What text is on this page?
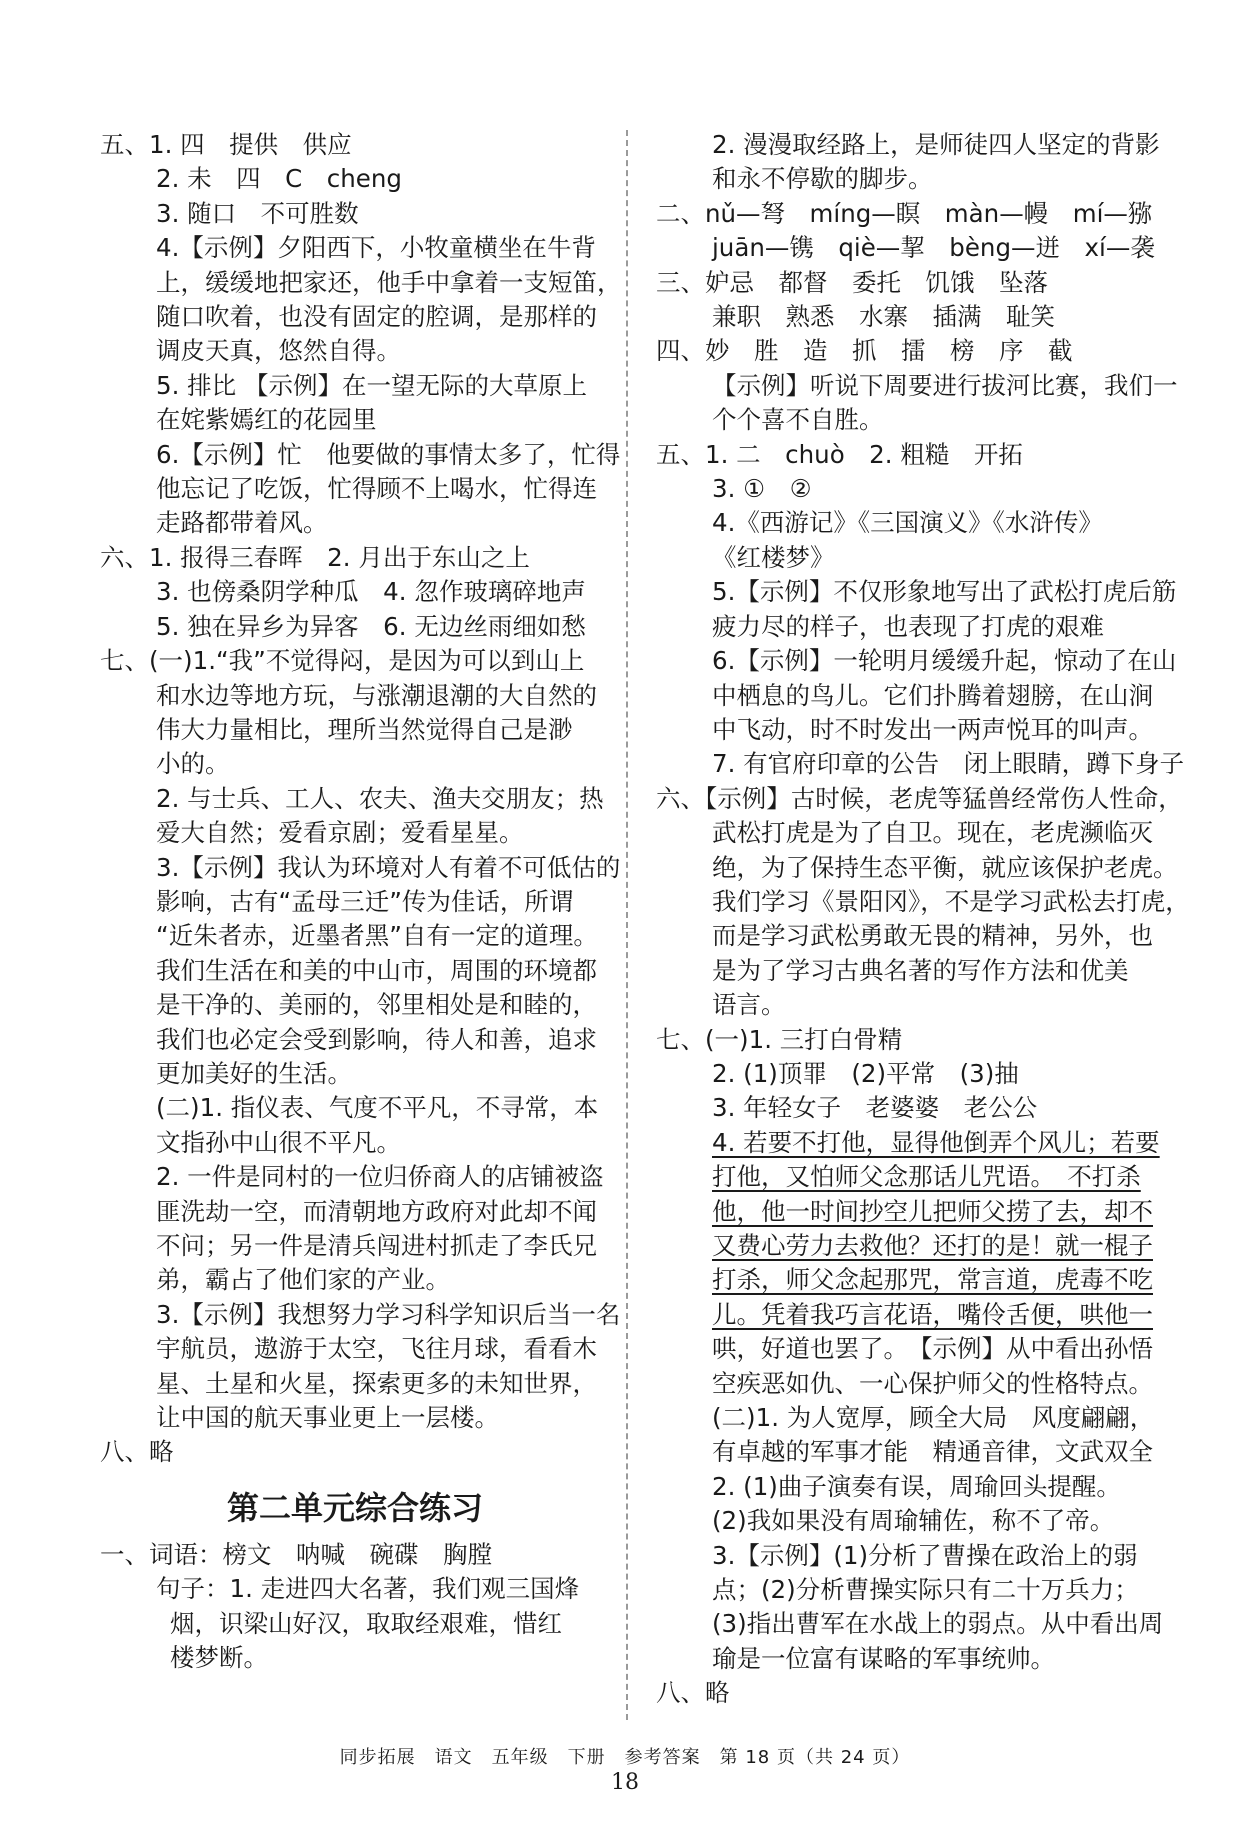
五、1. 四　提供　供应
2. 未　四　C　cheng
3. 随口　不可胜数
4.【示例】夕阳西下，小牧童横坐在牛背
上，缓缓地把家还，他手中拿着一支短笛，
随口吹着，也没有固定的腔调，是那样的
调皮天真，悠然自得。
5. 排比 【示例】在一望无际的大草原上
在姹紫嫣红的花园里
6.【示例】忙　他要做的事情太多了，忙得
他忘记了吃饭，忙得顾不上喝水，忙得连
走路都带着风。
六、1. 报得三春晖　2. 月出于东山之上
3. 也傍桑阴学种瓜　4. 忽作玻璃碎地声
5. 独在异乡为异客　6. 无边丝雨细如愁
七、(一)1.“我”不觉得闷，是因为可以到山上
和水边等地方玩，与涨潮退潮的大自然的
伟大力量相比，理所当然觉得自己是渺
小的。
2. 与士兵、工人、农夫、渔夫交朋友；热
爱大自然；爱看京剧；爱看星星。
3.【示例】我认为环境对人有着不可低估的
影响，古有“孟母三迁”传为佳话，所谓
“近朱者赤，近墨者黑”自有一定的道理。
我们生活在和美的中山市，周围的环境都
是干净的、美丽的，邻里相处是和睦的，
我们也必定会受到影响，待人和善，追求
更加美好的生活。
(二)1. 指仪表、气度不平凡，不寻常，本
文指孙中山很不平凡。
2. 一件是同村的一位归侨商人的店铺被盗
匪洗劫一空，而清朝地方政府对此却不闻
不问；另一件是清兵闯进村抓走了李氏兄
弟，霸占了他们家的产业。
3.【示例】我想努力学习科学知识后当一名
宇航员，遨游于太空，飞往月球，看看木
星、土星和火星，探索更多的未知世界，
让中国的航天事业更上一层楼。
八、略
第二单元综合练习
一、词语：榜文　呐喊　碗碟　胸膛
句子：1. 走进四大名著，我们观三国烽
烟，识梁山好汉，取取经艰难，惜红
楼梦断。
2. 漫漫取经路上，是师徒四人坚定的背影
和永不停歇的脚步。
二、nǔ—弩　míng—瞑　màn—幔　mí—猕
juān—镌　qiè—挈　bèng—迸　xí—袭
三、妒忌　都督　委托　饥饿　坠落
兼职　熟悉　水寨　插满　耻笑
四、妙　胜　造　抓　擂　榜　序　截
【示例】听说下周要进行拔河比赛，我们一
个个喜不自胜。
五、1. 二　chuò　2. 粗糙　开拓
3. ①　②
4.《西游记》《三国演义》《水浒传》
《红楼梦》
5.【示例】不仅形象地写出了武松打虎后筋
疲力尽的样子，也表现了打虎的艰难
6.【示例】一轮明月缓缓升起，惊动了在山
中栖息的鸟儿。它们扑腾着翅膀，在山涧
中飞动，时不时发出一两声悦耳的叫声。
7. 有官府印章的公告　闭上眼睛，蹲下身子
六、【示例】古时候，老虎等猛兽经常伤人性命，
武松打虎是为了自卫。现在，老虎濒临灭
绝，为了保持生态平衡，就应该保护老虎。
我们学习《景阳冈》，不是学习武松去打虎，
而是学习武松勇敢无畏的精神，另外，也
是为了学习古典名著的写作方法和优美
语言。
七、(一)1. 三打白骨精
2. (1)顶罪　(2)平常　(3)抽
3. 年轻女子　老婆婆　老公公
4. 若要不打他，显得他倒弄个风儿；若要
打他，又怕师父念那话儿咒语。　不打杀
他，他一时间抄空儿把师父捞了去，却不
又费心劳力去救他？还打的是！就一棍子
打杀，师父念起那咒，常言道，虎毒不吃
儿。凭着我巧言花语，嘴伶舌便，哄他一
哄，好道也罢了。　【示例】从中看出孙悟
空疾恶如仇、一心保护师父的性格特点。
(二)1. 为人宽厚，顾全大局　风度翩翩，
有卓越的军事才能　精通音律，文武双全
2. (1)曲子演奏有误，周瑜回头提醒。
(2)我如果没有周瑜辅佐，称不了帝。
3.【示例】(1)分析了曹操在政治上的弱
点；(2)分析曹操实际只有二十万兵力；
(3)指出曹军在水战上的弱点。从中看出周
瑜是一位富有谋略的军事统帅。
八、略
同步拓展　语文　五年级　下册　参考答案　第 18 页（共 24 页）
18
